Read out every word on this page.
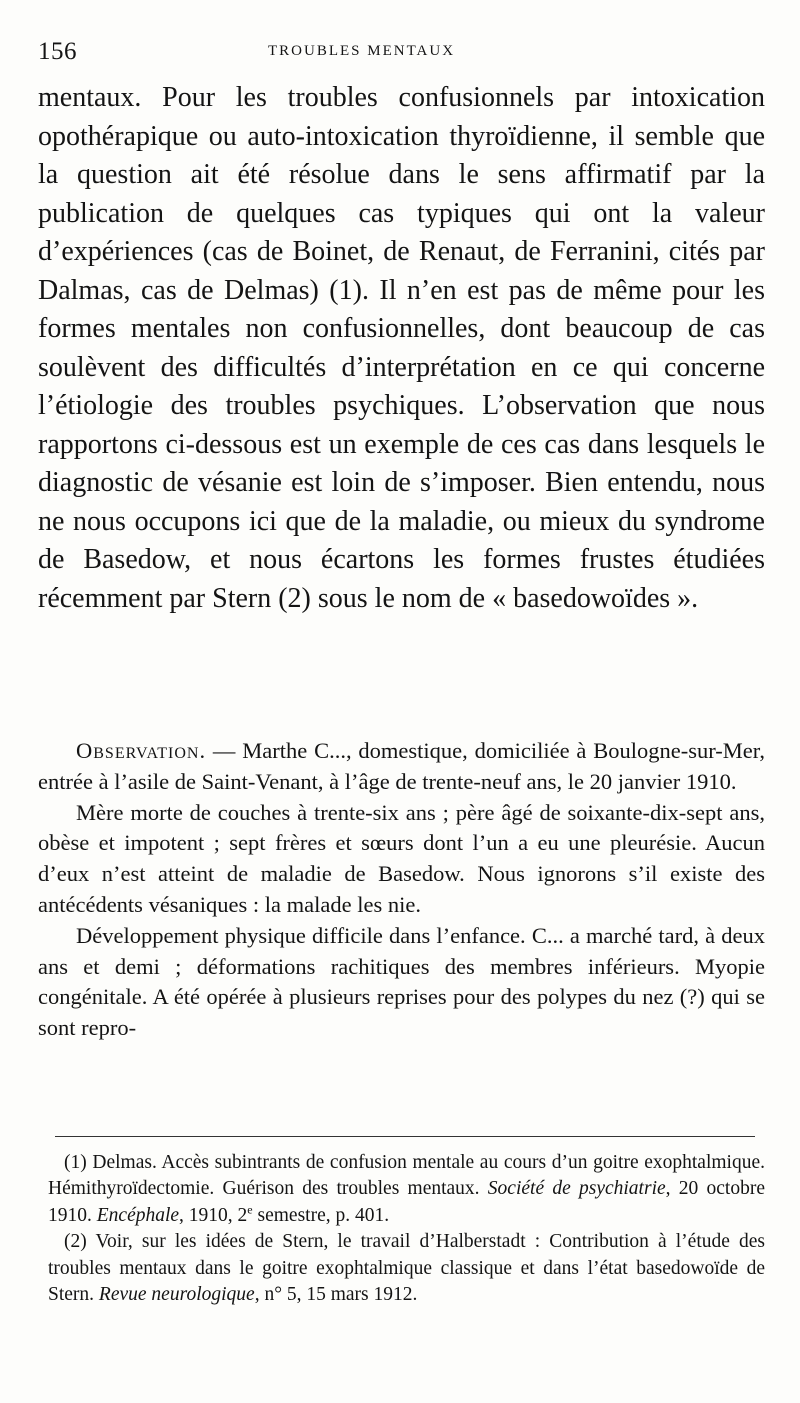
156	TROUBLES MENTAUX

mentaux. Pour les troubles confusionnels par intoxication opothérapique ou auto-intoxication thyroïdienne, il semble que la question ait été résolue dans le sens affirmatif par la publication de quelques cas typiques qui ont la valeur d’expériences (cas de Boinet, de Renaut, de Ferranini, cités par Dalmas, cas de Delmas) (1). Il n’en est pas de même pour les formes mentales non confusionnelles, dont beaucoup de cas soulèvent des difficultés d’interprétation en ce qui concerne l’étiologie des troubles psychiques. L’observation que nous rapportons ci-dessous est un exemple de ces cas dans lesquels le diagnostic de vésanie est loin de s’imposer. Bien entendu, nous ne nous occupons ici que de la maladie, ou mieux du syndrome de Basedow, et nous écartons les formes frustes étudiées récemment par Stern (2) sous le nom de « basedowoïdes ».

Observation. — Marthe C..., domestique, domiciliée à Boulogne-sur-Mer, entrée à l’asile de Saint-Venant, à l’âge de trente-neuf ans, le 20 janvier 1910.

Mère morte de couches à trente-six ans ; père âgé de soixante-dix-sept ans, obèse et impotent ; sept frères et sœurs dont l’un a eu une pleurésie. Aucun d’eux n’est atteint de maladie de Basedow. Nous ignorons s’il existe des antécédents vésaniques : la malade les nie.

Développement physique difficile dans l’enfance. C... a marché tard, à deux ans et demi ; déformations rachitiques des membres inférieurs. Myopie congénitale. A été opérée à plusieurs reprises pour des polypes du nez (?) qui se sont repro-

(1) Delmas. Accès subintrants de confusion mentale au cours d’un goitre exophtalmique. Hémithyroïdectomie. Guérison des troubles mentaux. Société de psychiatrie, 20 octobre 1910. Encéphale, 1910, 2e semestre, p. 401.

(2) Voir, sur les idées de Stern, le travail d’Halberstadt : Contribution à l’étude des troubles mentaux dans le goitre exophtalmique classique et dans l’état basedowoïde de Stern. Revue neurologique, n° 5, 15 mars 1912.
